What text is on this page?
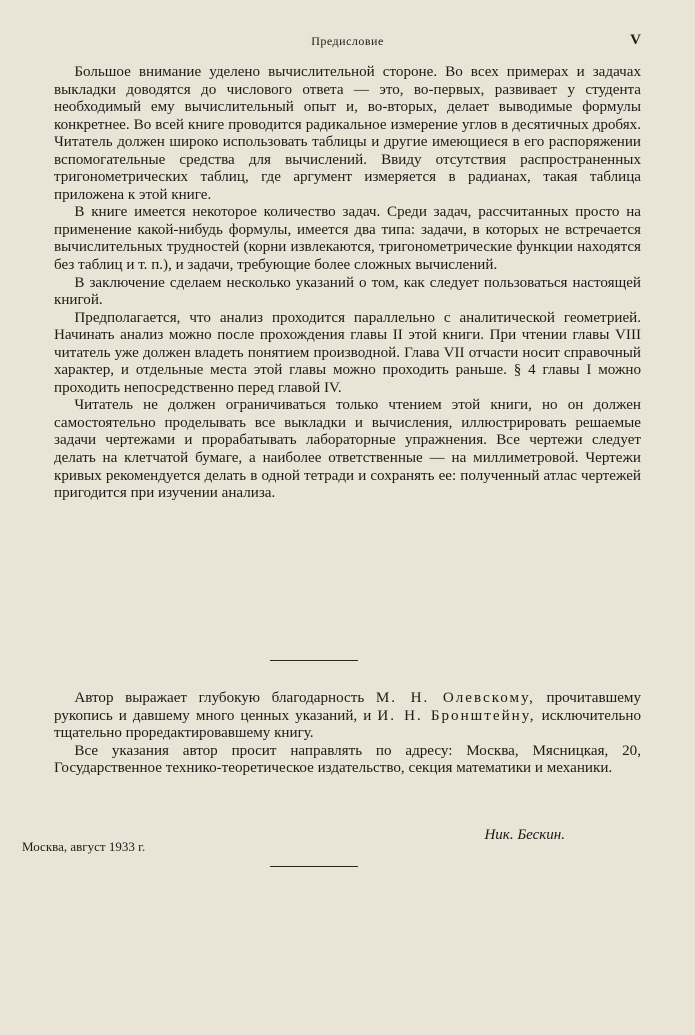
Предисловие	V

Большое внимание уделено вычислительной стороне. Во всех примерах и задачах выкладки доводятся до числового ответа — это, во-первых, развивает у студента необходимый ему вычислительный опыт и, во-вторых, делает выводимые формулы конкретнее. Во всей книге проводится радикальное измерение углов в десятичных дробях. Читатель должен широко использовать таблицы и другие имеющиеся в его распоряжении вспомогательные средства для вычислений. Ввиду отсутствия распространенных тригонометрических таблиц, где аргумент измеряется в радианах, такая таблица приложена к этой книге.

В книге имеется некоторое количество задач. Среди задач, рассчитанных просто на применение какой-нибудь формулы, имеется два типа: задачи, в которых не встречается вычислительных трудностей (корни извлекаются, тригонометрические функции находятся без таблиц и т. п.), и задачи, требующие более сложных вычислений.

В заключение сделаем несколько указаний о том, как следует пользоваться настоящей книгой.

Предполагается, что анализ проходится параллельно с аналитической геометрией. Начинать анализ можно после прохождения главы II этой книги. При чтении главы VIII читатель уже должен владеть понятием производной. Глава VII отчасти носит справочный характер, и отдельные места этой главы можно проходить раньше. § 4 главы I можно проходить непосредственно перед главой IV.

Читатель не должен ограничиваться только чтением этой книги, но он должен самостоятельно проделывать все выкладки и вычисления, иллюстрировать решаемые задачи чертежами и прорабатывать лабораторные упражнения. Все чертежи следует делать на клетчатой бумаге, а наиболее ответственные — на миллиметровой. Чертежи кривых рекомендуется делать в одной тетради и сохранять ее: полученный атлас чертежей пригодится при изучении анализа.

Автор выражает глубокую благодарность М. Н. Олевскому, прочитавшему рукопись и давшему много ценных указаний, и И. Н. Бронштейну, исключительно тщательно проредактировавшему книгу.

Все указания автор просит направлять по адресу: Москва, Мясницкая, 20, Государственное технико-теоретическое издательство, секция математики и механики.

Ник. Бескин.
Москва, август 1933 г.
